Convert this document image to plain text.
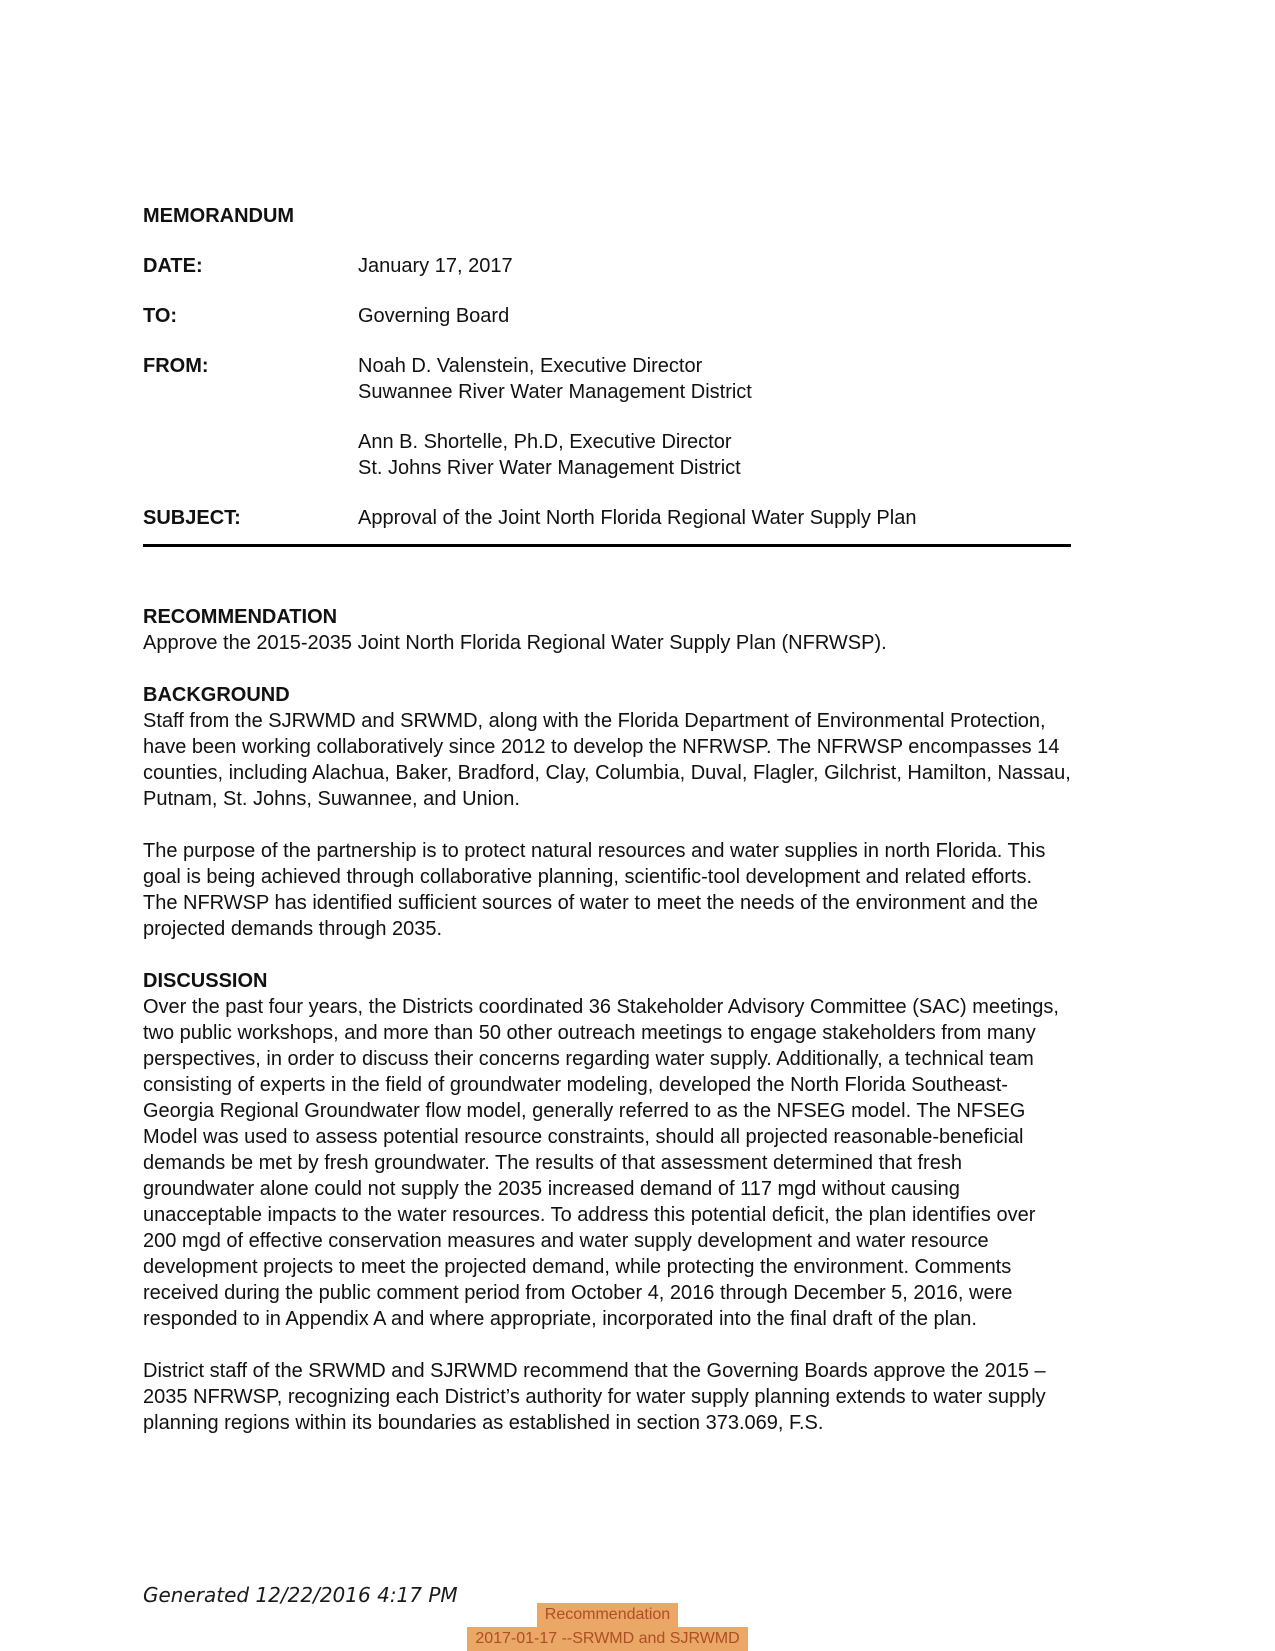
MEMORANDUM
DATE:	January 17, 2017
TO:	Governing Board
FROM:	Noah D. Valenstein, Executive Director
Suwannee River Water Management District
Ann B. Shortelle, Ph.D, Executive Director
St. Johns River Water Management District
SUBJECT:	Approval of the Joint North Florida Regional Water Supply Plan
RECOMMENDATION

Approve the 2015-2035 Joint North Florida Regional Water Supply Plan (NFRWSP).

BACKGROUND

Staff from the SJRWMD and SRWMD, along with the Florida Department of Environmental Protection, have been working collaboratively since 2012 to develop the NFRWSP. The NFRWSP encompasses 14 counties, including Alachua, Baker, Bradford, Clay, Columbia, Duval, Flagler, Gilchrist, Hamilton, Nassau, Putnam, St. Johns, Suwannee, and Union.

The purpose of the partnership is to protect natural resources and water supplies in north Florida. This goal is being achieved through collaborative planning, scientific-tool development and related efforts. The NFRWSP has identified sufficient sources of water to meet the needs of the environment and the projected demands through 2035.

DISCUSSION

Over the past four years, the Districts coordinated 36 Stakeholder Advisory Committee (SAC) meetings, two public workshops, and more than 50 other outreach meetings to engage stakeholders from many perspectives, in order to discuss their concerns regarding water supply. Additionally, a technical team consisting of experts in the field of groundwater modeling, developed the North Florida Southeast-Georgia Regional Groundwater flow model, generally referred to as the NFSEG model. The NFSEG Model was used to assess potential resource constraints, should all projected reasonable-beneficial demands be met by fresh groundwater. The results of that assessment determined that fresh groundwater alone could not supply the 2035 increased demand of 117 mgd without causing unacceptable impacts to the water resources. To address this potential deficit, the plan identifies over 200 mgd of effective conservation measures and water supply development and water resource development projects to meet the projected demand, while protecting the environment. Comments received during the public comment period from October 4, 2016 through December 5, 2016, were responded to in Appendix A and where appropriate, incorporated into the final draft of the plan.

District staff of the SRWMD and SJRWMD recommend that the Governing Boards approve the 2015 – 2035 NFRWSP, recognizing each District’s authority for water supply planning extends to water supply planning regions within its boundaries as established in section 373.069, F.S.

Generated 12/22/2016 4:17 PM
Recommendation
2017-01-17 --SRWMD and SJRWMD
